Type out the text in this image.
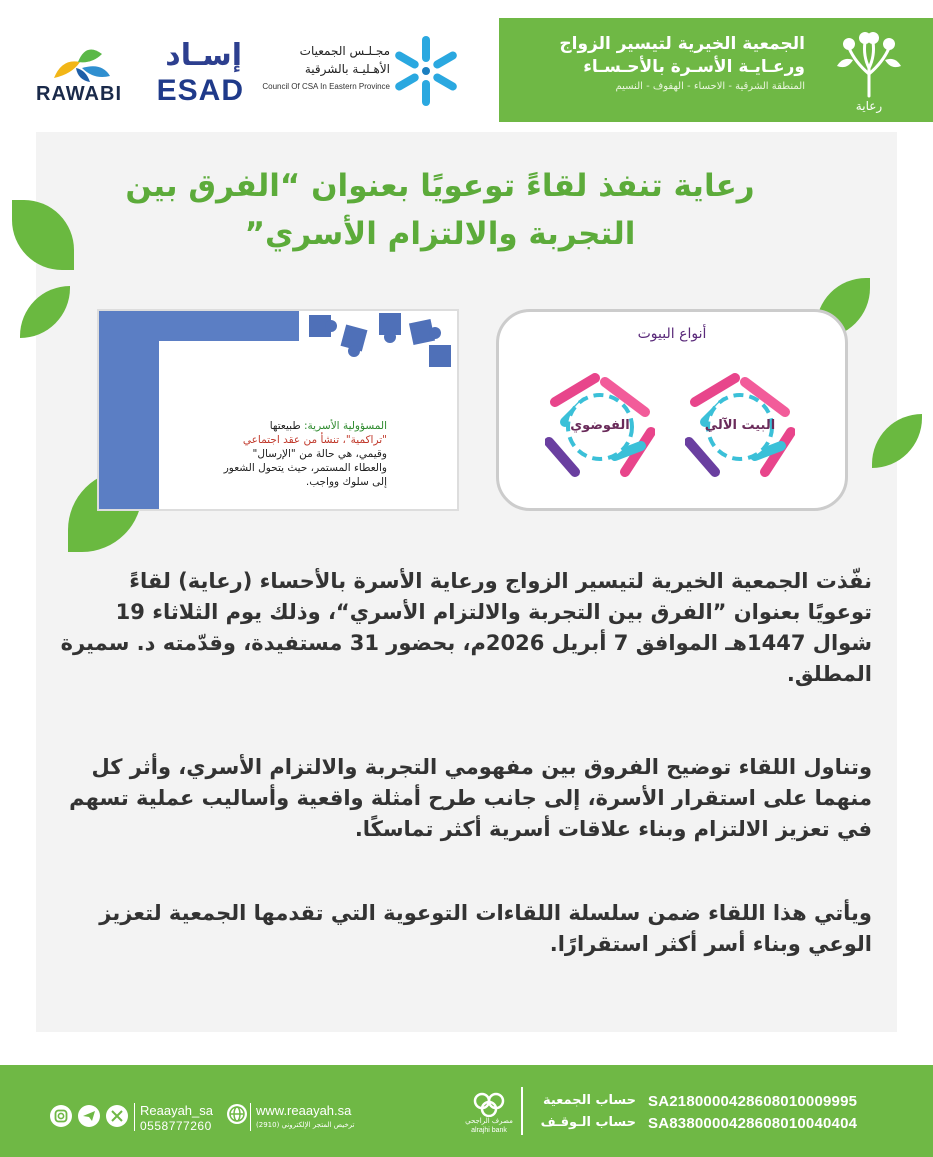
RAWABI
إسـاد
ESAD
مجـلـس الجمعيات
الأهـليـة بالشرقية
Council Of CSA In Eastern Province
الجمعية الخيرية لتيسير الزواج
ورعـايـة الأسـرة بالأحـسـاء
المنطقة الشرقية - الاحساء - الهفوف - النسيم
رعاية
رعاية تنفذ لقاءً توعويًا بعنوان “الفرق بين التجربة والالتزام الأسري”
المسؤولية الأسرية: طبيعتها
"تراكمية"، تنشأ من عقد اجتماعي
وقيمي، هي حالة من "الإرسال"
والعطاء المستمر، حيث يتحول الشعور
إلى سلوك وواجب.
أنواع البيوت
البيت الآلي
الفوضوي
نفّذت الجمعية الخيرية لتيسير الزواج ورعاية الأسرة بالأحساء (رعاية) لقاءً توعويًا بعنوان ”الفرق بين التجربة والالتزام الأسري“، وذلك يوم الثلاثاء 19 شوال 1447هـ الموافق 7 أبريل 2026م، بحضور 31 مستفيدة، وقدّمته د. سميرة المطلق.
وتناول اللقاء توضيح الفروق بين مفهومي التجربة والالتزام الأسري، وأثر كل منهما على استقرار الأسرة، إلى جانب طرح أمثلة واقعية وأساليب عملية تسهم في تعزيز الالتزام وبناء علاقات أسرية أكثر تماسكًا.
ويأتي هذا اللقاء ضمن سلسلة اللقاءات التوعوية التي تقدمها الجمعية لتعزيز الوعي وبناء أسر أكثر استقرارًا.
SA2180000428608010009995
SA8380000428608010040404
حساب الجمعية
حساب الـوقـف
مصرف الراجحي
alrajhi bank
www.reaayah.sa
ترخيص المتجر الإلكتروني (2910)
Reaayah_sa
0558777260
